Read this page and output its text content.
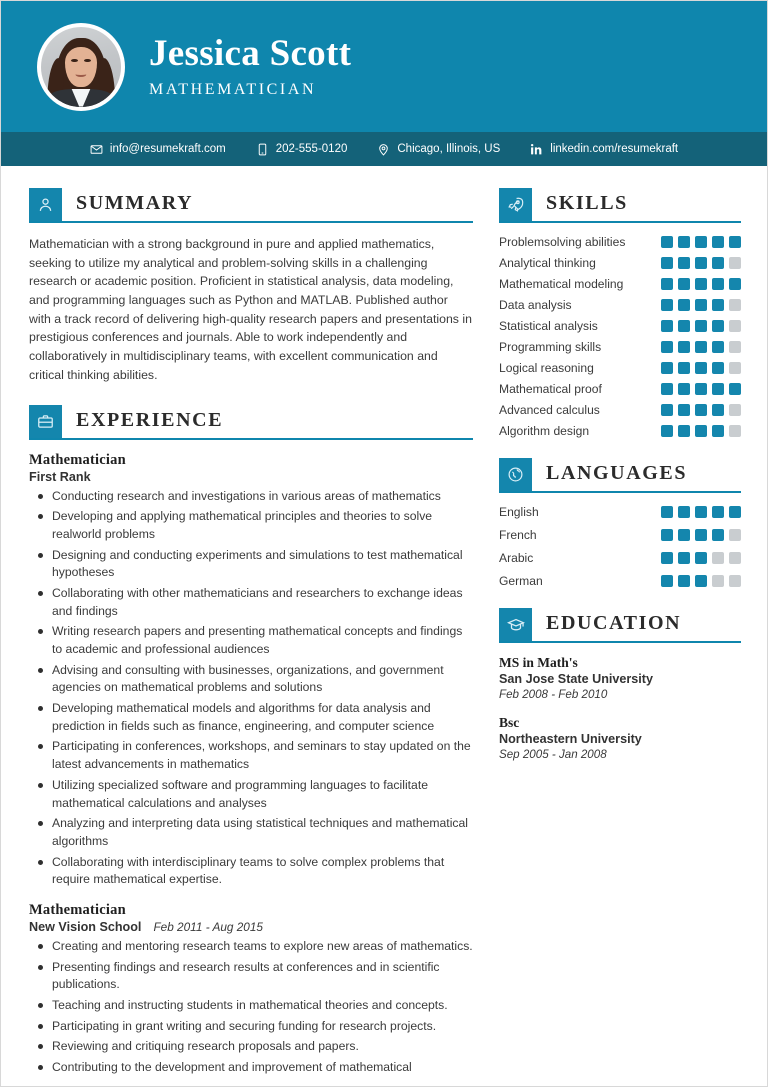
Jessica Scott
MATHEMATICIAN
info@resumekraft.com	202-555-0120	Chicago, Illinois, US	linkedin.com/resumekraft
SUMMARY
Mathematician with a strong background in pure and applied mathematics, seeking to utilize my analytical and problem-solving skills in a challenging research or academic position. Proficient in statistical analysis, data modeling, and programming languages such as Python and MATLAB. Published author with a track record of delivering high-quality research papers and presentations in prestigious conferences and journals. Able to work independently and collaboratively in multidisciplinary teams, with excellent communication and critical thinking abilities.
EXPERIENCE
Mathematician
First Rank
Conducting research and investigations in various areas of mathematics
Developing and applying mathematical principles and theories to solve realworld problems
Designing and conducting experiments and simulations to test mathematical hypotheses
Collaborating with other mathematicians and researchers to exchange ideas and findings
Writing research papers and presenting mathematical concepts and findings to academic and professional audiences
Advising and consulting with businesses, organizations, and government agencies on mathematical problems and solutions
Developing mathematical models and algorithms for data analysis and prediction in fields such as finance, engineering, and computer science
Participating in conferences, workshops, and seminars to stay updated on the latest advancements in mathematics
Utilizing specialized software and programming languages to facilitate mathematical calculations and analyses
Analyzing and interpreting data using statistical techniques and mathematical algorithms
Collaborating with interdisciplinary teams to solve complex problems that require mathematical expertise.
Mathematician
New Vision School Feb 2011 - Aug 2015
Creating and mentoring research teams to explore new areas of mathematics.
Presenting findings and research results at conferences and in scientific publications.
Teaching and instructing students in mathematical theories and concepts.
Participating in grant writing and securing funding for research projects.
Reviewing and critiquing research proposals and papers.
Contributing to the development and improvement of mathematical
SKILLS
Problemsolving abilities
Analytical thinking
Mathematical modeling
Data analysis
Statistical analysis
Programming skills
Logical reasoning
Mathematical proof
Advanced calculus
Algorithm design
LANGUAGES
English
French
Arabic
German
EDUCATION
MS in Math's
San Jose State University
Feb 2008 - Feb 2010
Bsc
Northeastern University
Sep 2005 - Jan 2008
